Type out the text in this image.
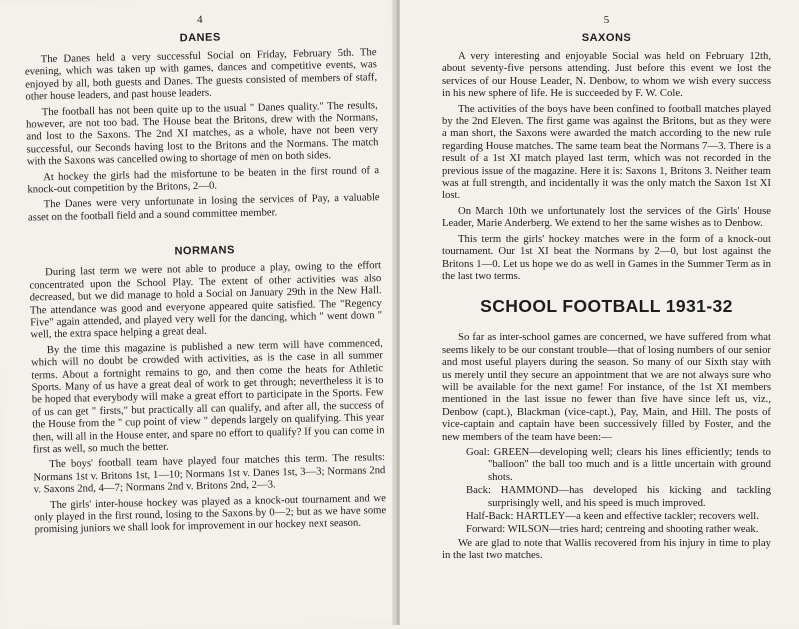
4
DANES

The Danes held a very successful Social on Friday, February 5th. The evening, which was taken up with games, dances and competitive events, was enjoyed by all, both guests and Danes. The guests consisted of members of staff, other house leaders, and past house leaders.

The football has not been quite up to the usual " Danes quality." The results, however, are not too bad. The House beat the Britons, drew with the Normans, and lost to the Saxons. The 2nd XI matches, as a whole, have not been very successful, our Seconds having lost to the Britons and the Normans. The match with the Saxons was cancelled owing to shortage of men on both sides.

At hockey the girls had the misfortune to be beaten in the first round of a knock-out competition by the Britons, 2—0.

The Danes were very unfortunate in losing the services of Pay, a valuable asset on the football field and a sound committee member.

NORMANS

During last term we were not able to produce a play, owing to the effort concentrated upon the School Play. The extent of other activities was also decreased, but we did manage to hold a Social on January 29th in the New Hall. The attendance was good and everyone appeared quite satisfied. The "Regency Five" again attended, and played very well for the dancing, which " went down " well, the extra space helping a great deal.

By the time this magazine is published a new term will have commenced, which will no doubt be crowded with activities, as is the case in all summer terms. About a fortnight remains to go, and then come the heats for Athletic Sports. Many of us have a great deal of work to get through; nevertheless it is to be hoped that everybody will make a great effort to participate in the Sports. Few of us can get " firsts," but practically all can qualify, and after all, the success of the House from the " cup point of view " depends largely on qualifying. This year then, will all in the House enter, and spare no effort to qualify? If you can come in first as well, so much the better.

The boys' football team have played four matches this term. The results: Normans 1st v. Britons 1st, 1—10; Normans 1st v. Danes 1st, 3—3; Normans 2nd v. Saxons 2nd, 4—7; Normans 2nd v. Britons 2nd, 2—3.

The girls' inter-house hockey was played as a knock-out tournament and we only played in the first round, losing to the Saxons by 0—2; but as we have some promising juniors we shall look for improvement in our hockey next season.

5
SAXONS

A very interesting and enjoyable Social was held on February 12th, about seventy-five persons attending. Just before this event we lost the services of our House Leader, N. Denbow, to whom we wish every success in his new sphere of life. He is succeeded by F. W. Cole.

The activities of the boys have been confined to football matches played by the 2nd Eleven. The first game was against the Britons, but as they were a man short, the Saxons were awarded the match according to the new rule regarding House matches. The same team beat the Normans 7—3. There is a result of a 1st XI match played last term, which was not recorded in the previous issue of the magazine. Here it is: Saxons 1, Britons 3. Neither team was at full strength, and incidentally it was the only match the Saxon 1st XI lost.

On March 10th we unfortunately lost the services of the Girls' House Leader, Marie Anderberg. We extend to her the same wishes as to Denbow.

This term the girls' hockey matches were in the form of a knock-out tournament. Our 1st XI beat the Normans by 2—0, but lost against the Britons 1—0. Let us hope we do as well in Games in the Summer Term as in the last two terms.

SCHOOL FOOTBALL 1931-32

So far as inter-school games are concerned, we have suffered from what seems likely to be our constant trouble—that of losing numbers of our senior and most useful players during the season. So many of our Sixth stay with us merely until they secure an appointment that we are not always sure who will be available for the next game! For instance, of the 1st XI members mentioned in the last issue no fewer than five have since left us, viz., Denbow (capt.), Blackman (vice-capt.), Pay, Main, and Hill. The posts of vice-captain and captain have been successively filled by Foster, and the new members of the team have been:—

Goal: GREEN—developing well; clears his lines efficiently; tends to "balloon" the ball too much and is a little uncertain with ground shots.
Back: HAMMOND—has developed his kicking and tackling surprisingly well, and his speed is much improved.
Half-Back: HARTLEY—a keen and effective tackler; recovers well.
Forward: WILSON—tries hard; centreing and shooting rather weak.

We are glad to note that Wallis recovered from his injury in time to play in the last two matches.
